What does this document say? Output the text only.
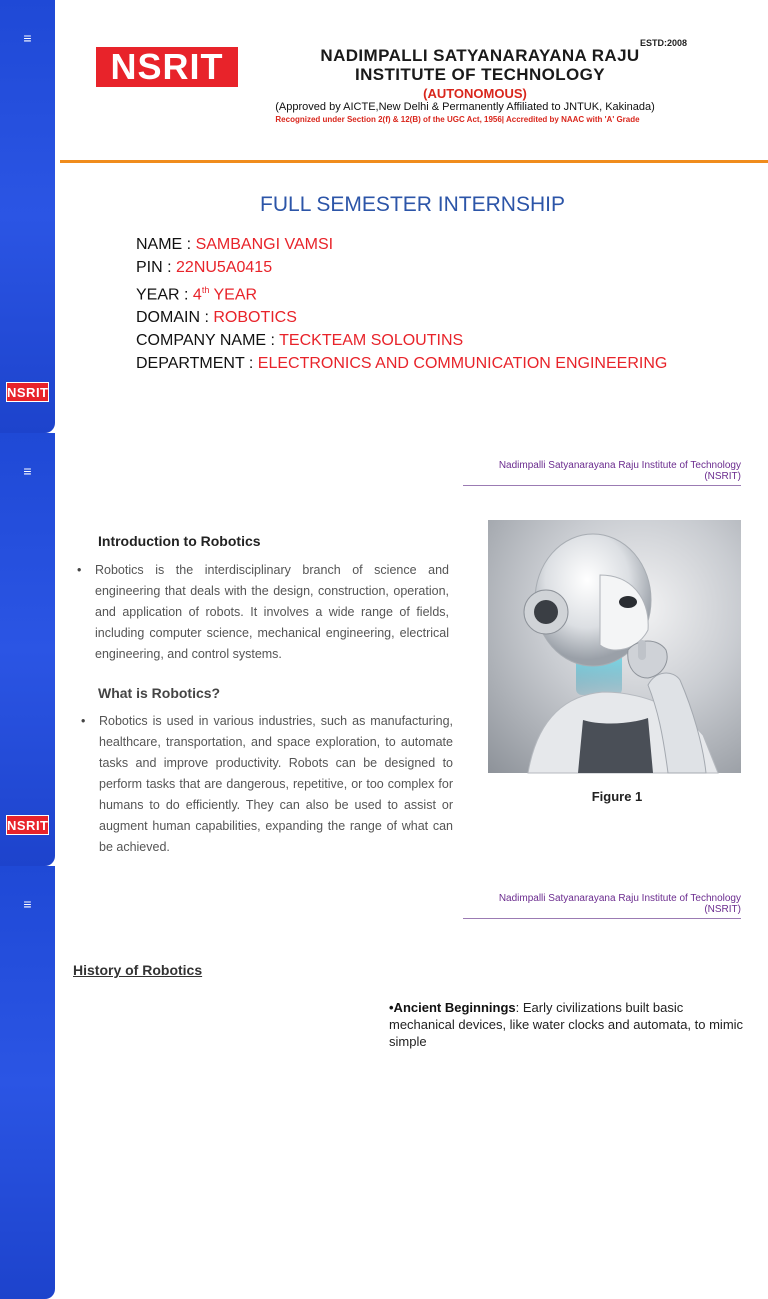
≡
NSRIT
NSRIT
ESTD:2008
NADIMPALLI SATYANARAYANA RAJU
INSTITUTE OF TECHNOLOGY
(AUTONOMOUS)
(Approved by AICTE,New Delhi & Permanently Affiliated to JNTUK, Kakinada)
Recognized under Section 2(f) & 12(B) of the UGC Act, 1956| Accredited by NAAC with 'A' Grade
FULL SEMESTER INTERNSHIP
NAME : SAMBANGI VAMSI
PIN : 22NU5A0415
YEAR : 4th YEAR
DOMAIN : ROBOTICS
COMPANY NAME : TECKTEAM SOLOUTINS
DEPARTMENT : ELECTRONICS AND COMMUNICATION ENGINEERING
≡
NSRIT
Nadimpalli Satyanarayana Raju Institute of Technology (NSRIT)
Introduction to Robotics
• Robotics is the interdisciplinary branch of science and engineering that deals with the design, construction, operation, and application of robots. It involves a wide range of fields, including computer science, mechanical engineering, electrical engineering, and control systems.
What is Robotics?
• Robotics is used in various industries, such as manufacturing, healthcare, transportation, and space exploration, to automate tasks and improve productivity. Robots can be designed to perform tasks that are dangerous, repetitive, or too complex for humans to do efficiently. They can also be used to assist or augment human capabilities, expanding the range of what can be achieved.
Figure 1
≡	Nadimpalli Satyanarayana Raju Institute of Technology (NSRIT)
History of Robotics
•Ancient Beginnings: Early civilizations built basic mechanical devices, like water clocks and automata, to mimic simple
